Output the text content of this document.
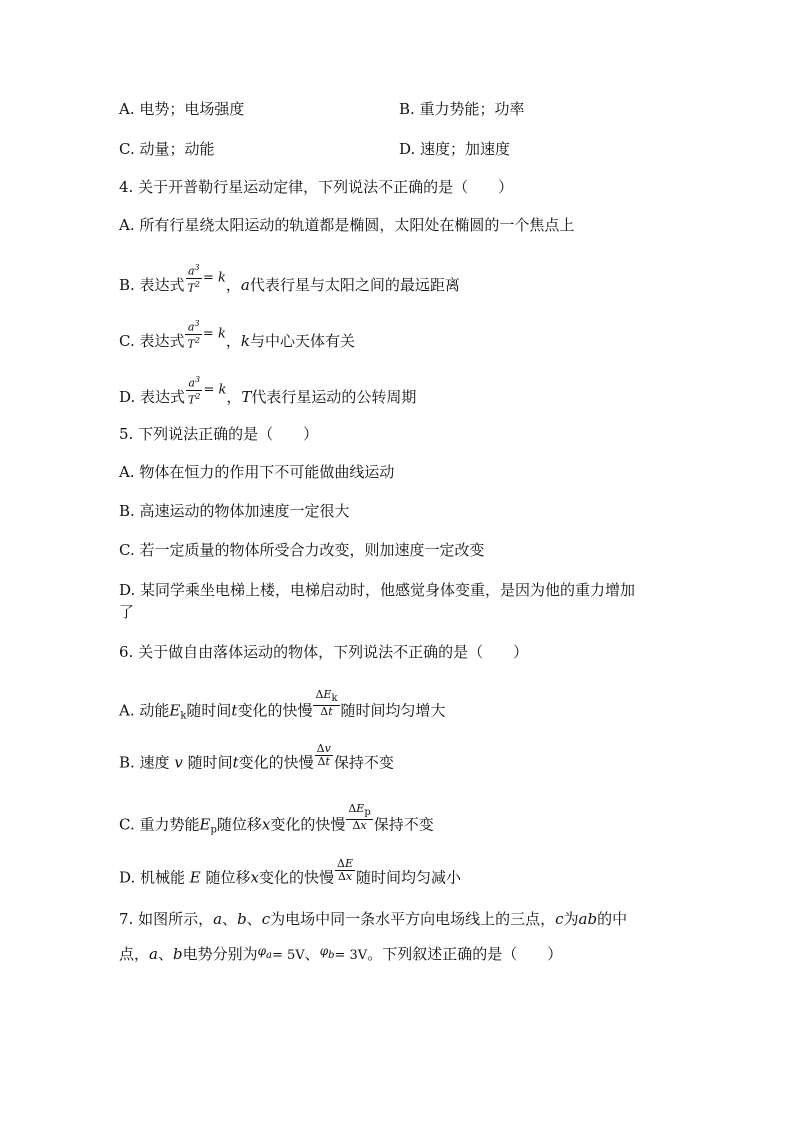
A. 电势；电场强度	B. 重力势能；功率
C. 动量；动能	D. 速度；加速度
4. 关于开普勒行星运动定律，下列说法不正确的是（　　）
A. 所有行星绕太阳运动的轨道都是椭圆，太阳处在椭圆的一个焦点上
B. 表达式 $\frac{a^3}{T^2} = k$，a代表行星与太阳之间的最远距离
C. 表达式 $\frac{a^3}{T^2} = k$，k与中心天体有关
D. 表达式 $\frac{a^3}{T^2} = k$，T代表行星运动的公转周期
5. 下列说法正确的是（　　）
A. 物体在恒力的作用下不可能做曲线运动
B. 高速运动的物体加速度一定很大
C. 若一定质量的物体所受合力改变，则加速度一定改变
D. 某同学乘坐电梯上楼，电梯启动时，他感觉身体变重，是因为他的重力增加
了
6. 关于做自由落体运动的物体，下列说法不正确的是（　　）
A. 动能$E_k$随时间t变化的快慢 $\frac{\text{ΔEk}}{\Delta t}$ 随时间均匀增大
B. 速度 v 随时间t变化的快慢 $\frac{\Delta v}{\Delta t}$ 保持不变
C. 重力势能$E_p$随位移x变化的快慢 $\frac{\text{ΔEp}}{\Delta x}$ 保持不变
D. 机械能 E 随位移x变化的快慢 $\frac{\Delta E}{\Delta x}$ 随时间均匀减小
7. 如图所示，a、b、c为电场中同一条水平方向电场线上的三点，c为ab的中
点，a、b电势分别为$\varphi_a= 5V$、$\varphi_b= 3V$。下列叙述正确的是（　　）
